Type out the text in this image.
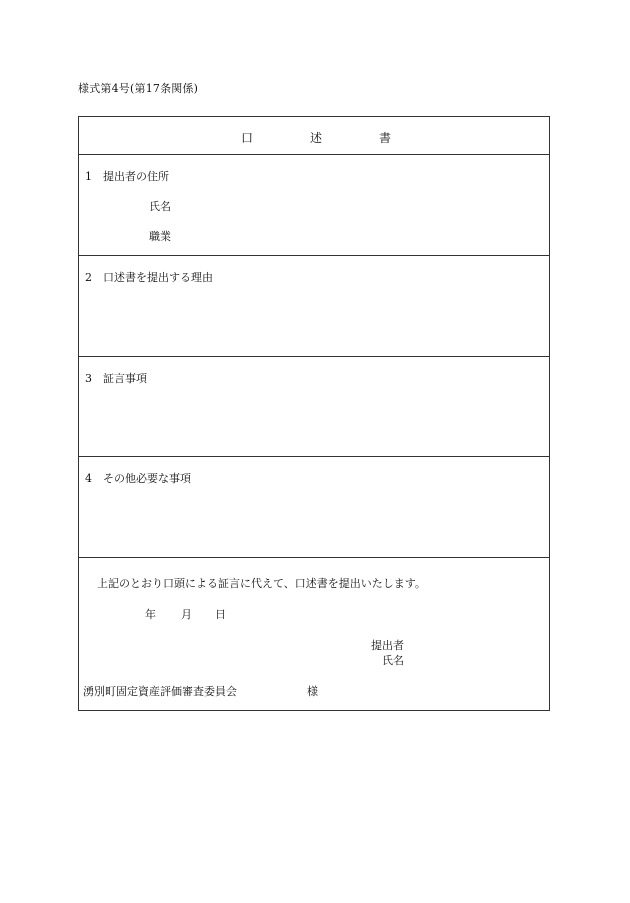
様式第4号(第17条関係)
口	述	書
1 提出者の住所
氏名
職業
2 口述書を提出する理由
3 証言事項
4 その他必要な事項
上記のとおり口頭による証言に代えて、口述書を提出いたします。
年 月 日
提出者
氏名
湧別町固定資産評価審査委員会	様
